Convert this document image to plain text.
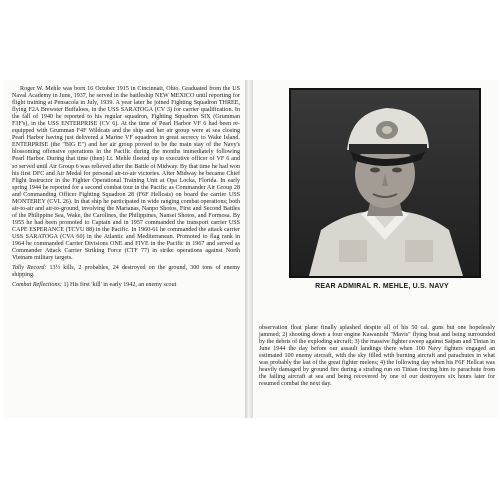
Roger W. Mehle was born 16 October 1915 in Cincinnati, Ohio. Graduated from the US Naval Academy in June, 1937, he served in the battleship NEW MEXICO until reporting for flight training at Pensacola in July, 1939. A year later he joined Fighting Squadron THREE, flying F2A Brewster Buffaloes, in the USS SARATOGA (CV 3) for carrier qualification. In the fall of 1940 he reported to his regular squadron, Fighting Squadron SIX (Grumman F3F's), in the USS ENTERPRISE (CV 6). At the time of Pearl Harbor VF 6 had been re-equipped with Grumman F4F Wildcats and the ship and her air group were at sea closing Pearl Harbor having just delivered a Marine VF squadron in great secrecy to Wake Island. ENTERPRISE (the "BIG E") and her air group proved to be the main stay of the Navy's blossoming offensive operations in the Pacific during the months immediately following Pearl Harbor. During that time (then) Lt. Mehle fleeted up to executive officer of VF 6 and so served until Air Group 6 was relieved after the Battle of Midway. By that time he had won his first DFC and Air Medal for personal air-to-air victories. After Midway he became Chief Flight Instructor in the Fighter Operational Training Unit at Opa Locka, Florida. In early spring 1944 he reported for a second combat tour in the Pacific as Commander Air Group 28 and Commanding Officer Fighting Squadron 28 (F6F Hellcats) on board the carrier USS MONTEREY (CVL 26). In that ship he participated in wide ranging combat operations; both air-to-air and air-to-ground, involving the Marianas, Nanpo Shotos, First and Second Battles of the Philippine Sea, Wake, the Carolines, the Philippines, Nansei Shotos, and Formosa. By 1955 he had been promoted to Captain and in 1957 commanded the transport carrier USS CAPE ESPERANCE (TCVU 88) in the Pacific. In 1960-61 he commanded the attack carrier USS SARATOGA (CVA 60) in the Atlantic and Mediterranean. Promoted to flag rank in 1964 he commanded Carrier Divisions ONE and FIVE in the Pacific in 1967 and served as Commander Attack Carrier Striking Force (CTF 77) in strike operations against North Vietnam military targets.

Tally Record: 13½ kills, 2 probables, 24 destroyed on the ground, 300 tons of enemy shipping.

Combat Reflections: 1) His first 'kill' in early 1942, an enemy scout	REAR ADMIRAL R. MEHLE, U.S. NAVY

observation float plane finally splashed despite all of his 50 cal. guns but one hopelessly jammed; 2) shooting down a four engine Kawanishi "Mavis" flying boat and being surrounded by the debris of the exploding aircraft; 3) the massive fighter sweep against Saipan and Tinian in June 1944 the day before our assault landings there when 100 Navy fighters engaged an estimated 100 enemy aircraft, with the sky filled with burning aircraft and parachutes in what was probably the last of the great fighter melees; 4) the following day when his F6F Hellcat was heavily damaged by ground fire during a strafing run on Tinian forcing him to parachute from the failing aircraft at sea and being recovered by one of our destroyers six hours later for resumed combat the next day.
